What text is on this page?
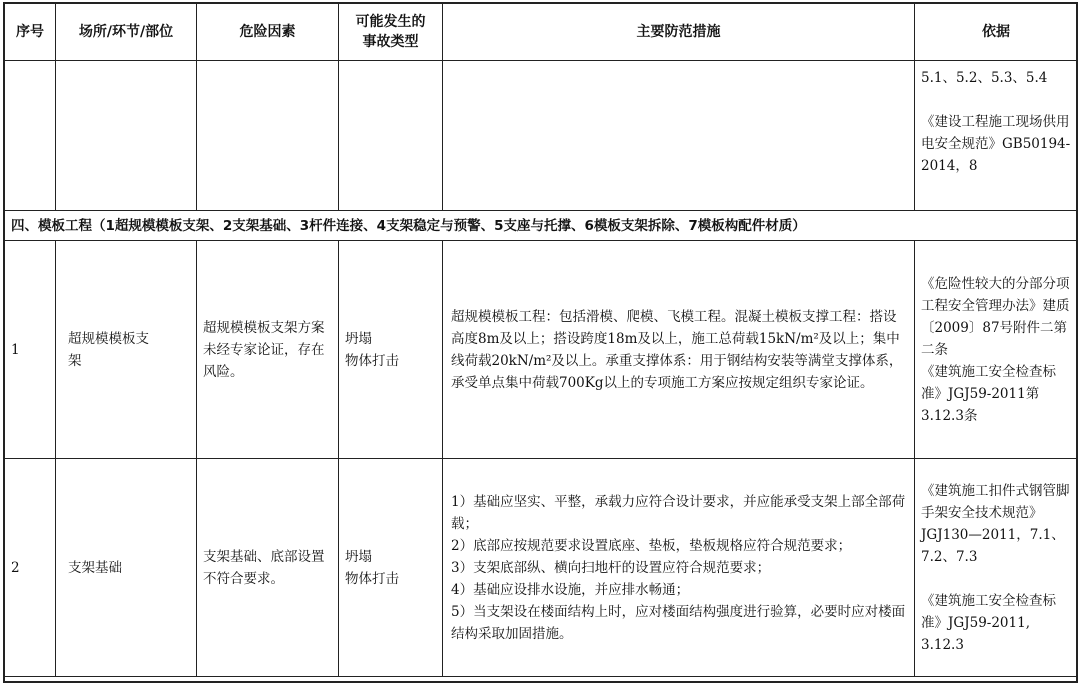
序号	场所/环节/部位	危险因素	可能发生的
事故类型	主要防范措施	依据

					5.1、5.2、5.3、5.4
《建设工程施工现场供用电安全规范》GB50194-2014，8

四、模板工程（1超规模模板支架、2支架基础、3杆件连接、4支架稳定与预警、5支座与托撑、6模板支架拆除、7模板构配件材质）					
1	超规模模板支架	超规模模板支架方案未经专家论证，存在风险。	坍塌
物体打击	超规模模板工程：包括滑模、爬模、飞模工程。混凝土模板支撑工程：搭设高度8m及以上；搭设跨度18m及以上，施工总荷载15kN/m²及以上；集中线荷载20kN/m²及以上。承重支撑体系：用于钢结构安装等满堂支撑体系，承受单点集中荷载700Kg以上的专项施工方案应按规定组织专家论证。	《危险性较大的分部分项工程安全管理办法》建质〔2009〕87号附件二第二条
《建筑施工安全检查标准》JGJ59-2011第3.12.3条

2	支架基础	支架基础、底部设置不符合要求。	坍塌
物体打击	1）基础应坚实、平整，承载力应符合设计要求，并应能承受支架上部全部荷载；
2）底部应按规范要求设置底座、垫板，垫板规格应符合规范要求；
3）支架底部纵、横向扫地杆的设置应符合规范要求；
4）基础应设排水设施，并应排水畅通；
5）当支架设在楼面结构上时，应对楼面结构强度进行验算，必要时应对楼面结构采取加固措施。	《建筑施工扣件式钢管脚手架安全技术规范》JGJ130—2011，7.1、7.2、7.3
《建筑施工安全检查标准》JGJ59-2011, 3.12.3
